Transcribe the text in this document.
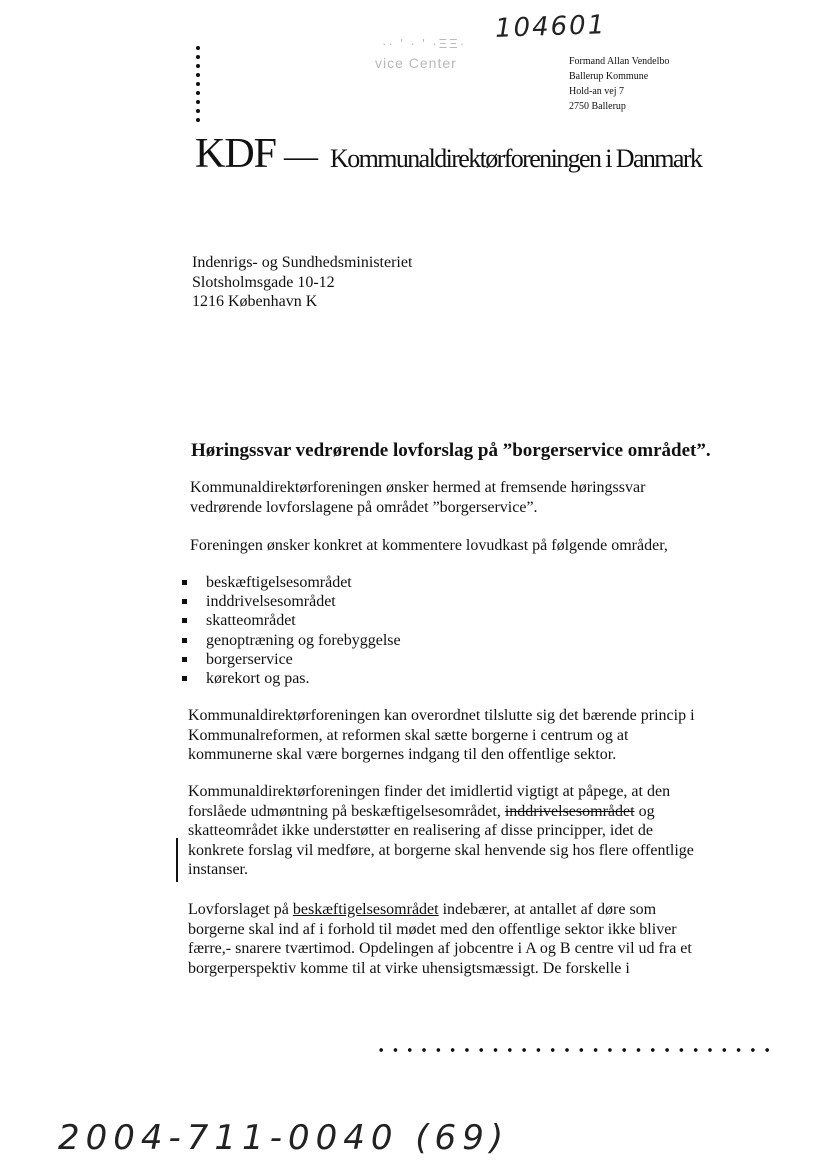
104601
·· ' · ' ·ΞΞ·
vice Center	Formand Allan Vendelbo
Ballerup Kommune
Hold-an vej 7
2750 Ballerup
KDF — Kommunaldirektørforeningen i Danmark
Indenrigs- og Sundhedsministeriet
Slotsholmsgade 10-12
1216 København K
Høringssvar vedrørende lovforslag på ”borgerservice området”.
Kommunaldirektørforeningen ønsker hermed at fremsende høringssvar
vedrørende lovforslagene på området ”borgerservice”.
Foreningen ønsker konkret at kommentere lovudkast på følgende områder,
beskæftigelsesområdet
inddrivelsesområdet
skatteområdet
genoptræning og forebyggelse
borgerservice
kørekort og pas.
Kommunaldirektørforeningen kan overordnet tilslutte sig det bærende princip i
Kommunalreformen, at reformen skal sætte borgerne i centrum og at
kommunerne skal være borgernes indgang til den offentlige sektor.
Kommunaldirektørforeningen finder det imidlertid vigtigt at påpege, at den
forslåede udmøntning på beskæftigelsesområdet, inddrivelsesområdet og
skatteområdet ikke understøtter en realisering af disse principper, idet de
konkrete forslag vil medføre, at borgerne skal henvende sig hos flere offentlige
instanser.
Lovforslaget på beskæftigelsesområdet indebærer, at antallet af døre som
borgerne skal ind af i forhold til mødet med den offentlige sektor ikke bliver
færre,- snarere tværtimod. Opdelingen af jobcentre i A og B centre vil ud fra et
borgerperspektiv komme til at virke uhensigtsmæssigt. De forskelle i
2004-711-0040 (69)
